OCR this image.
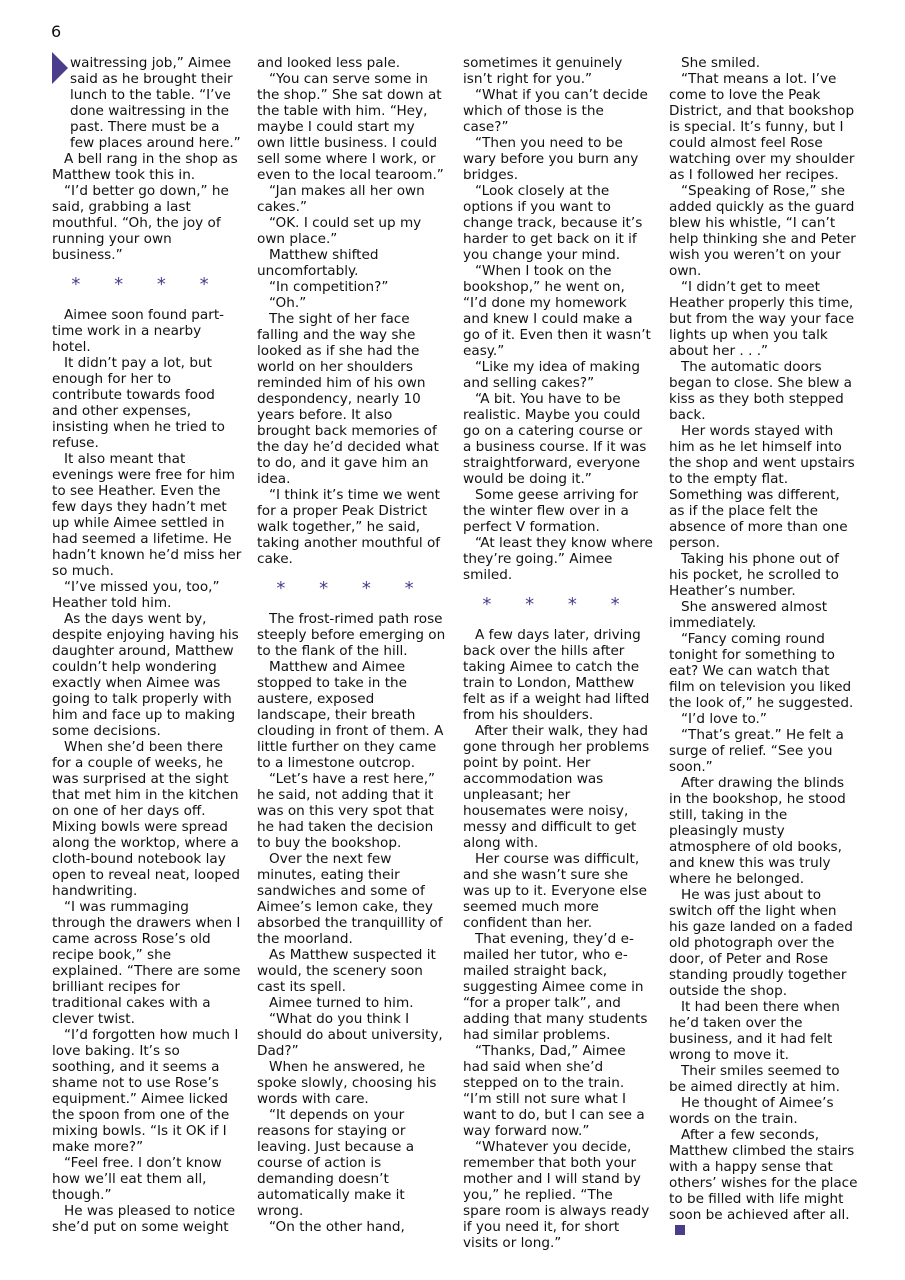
6

waitressing job,” Aimee said as he brought their lunch to the table. “I’ve done waitressing in the past. There must be a few places around here.”

A bell rang in the shop as Matthew took this in.

“I’d better go down,” he said, grabbing a last mouthful. “Oh, the joy of running your own business.”

* * * *

Aimee soon found part-time work in a nearby hotel.

It didn’t pay a lot, but enough for her to contribute towards food and other expenses, insisting when he tried to refuse.

It also meant that evenings were free for him to see Heather. Even the few days they hadn’t met up while Aimee settled in had seemed a lifetime. He hadn’t known he’d miss her so much.

“I’ve missed you, too,” Heather told him.

As the days went by, despite enjoying having his daughter around, Matthew couldn’t help wondering exactly when Aimee was going to talk properly with him and face up to making some decisions.

When she’d been there for a couple of weeks, he was surprised at the sight that met him in the kitchen on one of her days off. Mixing bowls were spread along the worktop, where a cloth-bound notebook lay open to reveal neat, looped handwriting.

“I was rummaging through the drawers when I came across Rose’s old recipe book,” she explained. “There are some brilliant recipes for traditional cakes with a clever twist.

“I’d forgotten how much I love baking. It’s so soothing, and it seems a shame not to use Rose’s equipment.” Aimee licked the spoon from one of the mixing bowls. “Is it OK if I make more?”

“Feel free. I don’t know how we’ll eat them all, though.”

He was pleased to notice she’d put on some weight

and looked less pale.

“You can serve some in the shop.” She sat down at the table with him. “Hey, maybe I could start my own little business. I could sell some where I work, or even to the local tearoom.”

“Jan makes all her own cakes.”

“OK. I could set up my own place.”

Matthew shifted uncomfortably.

“In competition?”

“Oh.”

The sight of her face falling and the way she looked as if she had the world on her shoulders reminded him of his own despondency, nearly 10 years before. It also brought back memories of the day he’d decided what to do, and it gave him an idea.

“I think it’s time we went for a proper Peak District walk together,” he said, taking another mouthful of cake.

* * * *

The frost-rimed path rose steeply before emerging on to the flank of the hill.

Matthew and Aimee stopped to take in the austere, exposed landscape, their breath clouding in front of them. A little further on they came to a limestone outcrop.

“Let’s have a rest here,” he said, not adding that it was on this very spot that he had taken the decision to buy the bookshop.

Over the next few minutes, eating their sandwiches and some of Aimee’s lemon cake, they absorbed the tranquillity of the moorland.

As Matthew suspected it would, the scenery soon cast its spell.

Aimee turned to him.

“What do you think I should do about university, Dad?”

When he answered, he spoke slowly, choosing his words with care.

“It depends on your reasons for staying or leaving. Just because a course of action is demanding doesn’t automatically make it wrong.

“On the other hand,

sometimes it genuinely isn’t right for you.”

“What if you can’t decide which of those is the case?”

“Then you need to be wary before you burn any bridges.

“Look closely at the options if you want to change track, because it’s harder to get back on it if you change your mind.

“When I took on the bookshop,” he went on, “I’d done my homework and knew I could make a go of it. Even then it wasn’t easy.”

“Like my idea of making and selling cakes?”

“A bit. You have to be realistic. Maybe you could go on a catering course or a business course. If it was straightforward, everyone would be doing it.”

Some geese arriving for the winter flew over in a perfect V formation.

“At least they know where they’re going.” Aimee smiled.

* * * *

A few days later, driving back over the hills after taking Aimee to catch the train to London, Matthew felt as if a weight had lifted from his shoulders.

After their walk, they had gone through her problems point by point. Her accommodation was unpleasant; her housemates were noisy, messy and difficult to get along with.

Her course was difficult, and she wasn’t sure she was up to it. Everyone else seemed much more confident than her.

That evening, they’d e-mailed her tutor, who e-mailed straight back, suggesting Aimee come in “for a proper talk”, and adding that many students had similar problems.

“Thanks, Dad,” Aimee had said when she’d stepped on to the train. “I’m still not sure what I want to do, but I can see a way forward now.”

“Whatever you decide, remember that both your mother and I will stand by you,” he replied. “The spare room is always ready if you need it, for short visits or long.”

She smiled.

“That means a lot. I’ve come to love the Peak District, and that bookshop is special. It’s funny, but I could almost feel Rose watching over my shoulder as I followed her recipes.

“Speaking of Rose,” she added quickly as the guard blew his whistle, “I can’t help thinking she and Peter wish you weren’t on your own.

“I didn’t get to meet Heather properly this time, but from the way your face lights up when you talk about her . . .”

The automatic doors began to close. She blew a kiss as they both stepped back.

Her words stayed with him as he let himself into the shop and went upstairs to the empty flat. Something was different, as if the place felt the absence of more than one person.

Taking his phone out of his pocket, he scrolled to Heather’s number.

She answered almost immediately.

“Fancy coming round tonight for something to eat? We can watch that film on television you liked the look of,” he suggested.

“I’d love to.”

“That’s great.” He felt a surge of relief. “See you soon.”

After drawing the blinds in the bookshop, he stood still, taking in the pleasingly musty atmosphere of old books, and knew this was truly where he belonged.

He was just about to switch off the light when his gaze landed on a faded old photograph over the door, of Peter and Rose standing proudly together outside the shop.

It had been there when he’d taken over the business, and it had felt wrong to move it.

Their smiles seemed to be aimed directly at him.

He thought of Aimee’s words on the train.

After a few seconds, Matthew climbed the stairs with a happy sense that others’ wishes for the place to be filled with life might soon be achieved after all.
